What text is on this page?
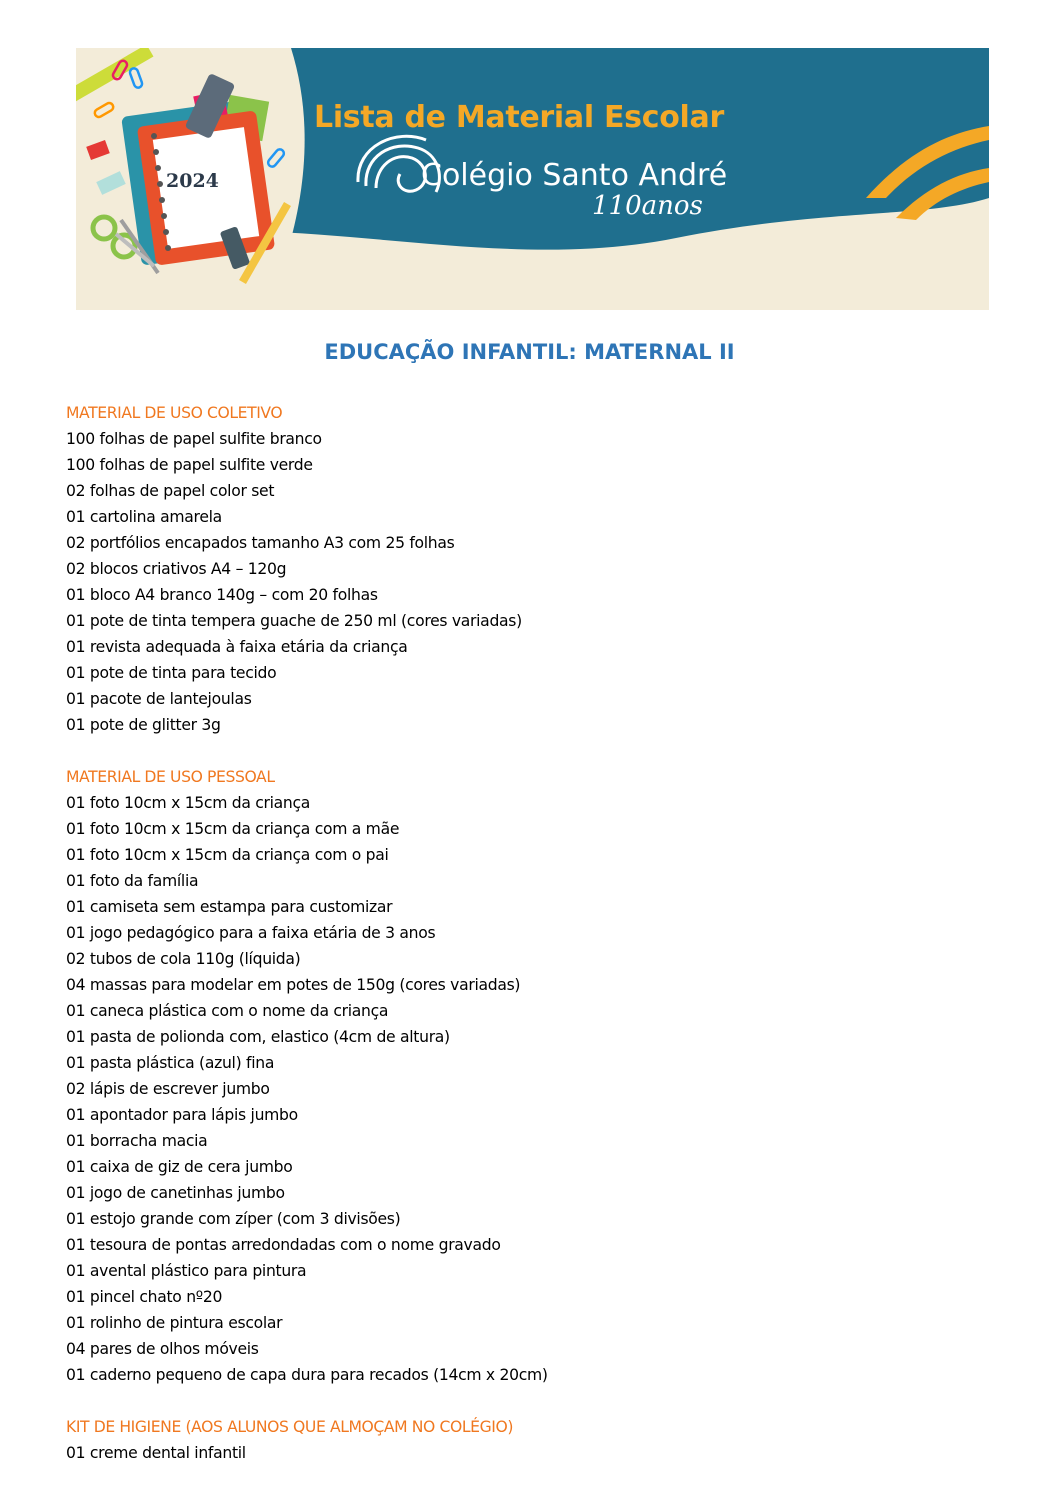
Lista de Material Escolar
Colégio Santo André
110anos
2024
EDUCAÇÃO INFANTIL: MATERNAL II
MATERIAL DE USO COLETIVO
100 folhas de papel sulfite branco
100 folhas de papel sulfite verde
02 folhas de papel color set
01 cartolina amarela
02 portfólios encapados tamanho A3 com 25 folhas
02 blocos criativos A4 – 120g
01 bloco A4 branco 140g – com 20 folhas
01 pote de tinta tempera guache de 250 ml (cores variadas)
01 revista adequada à faixa etária da criança
01 pote de tinta para tecido
01 pacote de lantejoulas
01 pote de glitter 3g
MATERIAL DE USO PESSOAL
01 foto 10cm x 15cm da criança
01 foto 10cm x 15cm da criança com a mãe
01 foto 10cm x 15cm da criança com o pai
01 foto da família
01 camiseta sem estampa para customizar
01 jogo pedagógico para a faixa etária de 3 anos
02 tubos de cola 110g (líquida)
04 massas para modelar em potes de 150g (cores variadas)
01 caneca plástica com o nome da criança
01 pasta de polionda com, elastico (4cm de altura)
01 pasta plástica (azul) fina
02 lápis de escrever jumbo
01 apontador para lápis jumbo
01 borracha macia
01 caixa de giz de cera jumbo
01 jogo de canetinhas jumbo
01 estojo grande com zíper (com 3 divisões)
01 tesoura de pontas arredondadas com o nome gravado
01 avental plástico para pintura
01 pincel chato nº20
01 rolinho de pintura escolar
04 pares de olhos móveis
01 caderno pequeno de capa dura para recados (14cm x 20cm)
KIT DE HIGIENE (AOS ALUNOS QUE ALMOÇAM NO COLÉGIO)
01 creme dental infantil
